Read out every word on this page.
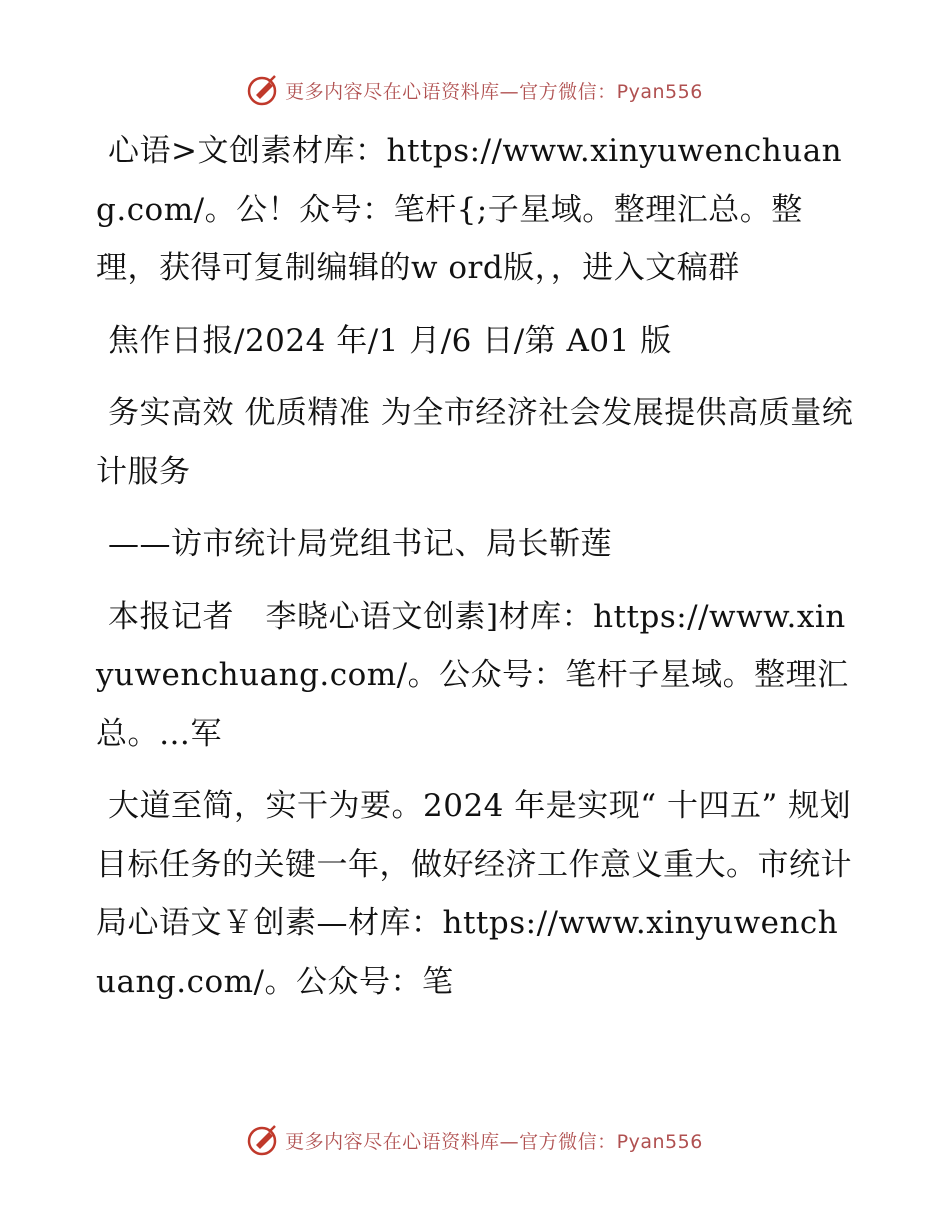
更多内容尽在心语资料库—官方微信：Pyan556

心语>文创素材库：https://www.xinyuwenchuang.com/。公！众号：笔杆{;子星域。整理汇总。整理，获得可复制编辑的w ord版，，进入文稿群

焦作日报/2024 年/1 月/6 日/第 A01 版

务实高效 优质精准 为全市经济社会发展提供高质量统计服务

——访市统计局党组书记、局长靳莲

本报记者　李晓心语文创素]材库：https://www.xinyuwenchuang.com/。公众号：笔杆子星域。整理汇总。…军

大道至简，实干为要。2024 年是实现“ 十四五” 规划目标任务的关键一年，做好经济工作意义重大。市统计局心语文￥创素—材库：https://www.xinyuwenchuang.com/。公众号：笔

更多内容尽在心语资料库—官方微信：Pyan556
